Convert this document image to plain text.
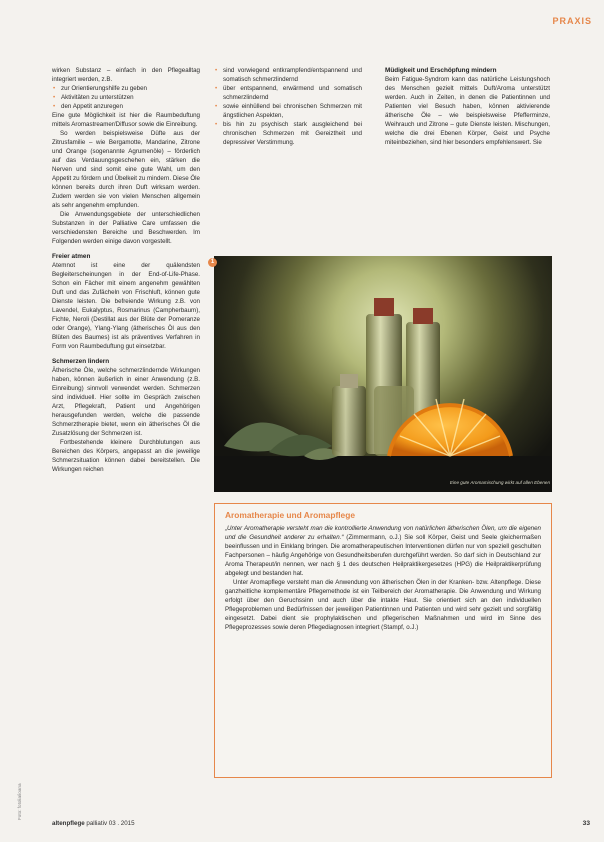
PRAXIS

wirken Substanz – einfach in den Pflegealltag integriert werden, z.B.

• zur Orientierungshilfe zu geben
• Aktivitäten zu unterstützen
• den Appetit anzuregen

Eine gute Möglichkeit ist hier die Raumbeduftung mittels Aromastreamer/Diffusor sowie die Einreibung.

So werden beispielsweise Düfte aus der Zitrusfamilie – wie Bergamotte, Mandarine, Zitrone und Orange (sogenannte Agrumenöle) – förderlich auf das Verdauungsgeschehen ein, stärken die Nerven und sind somit eine gute Wahl, um den Appetit zu fördern und Übelkeit zu mindern. Diese Öle können bereits durch ihren Duft wirksam werden. Zudem werden sie von vielen Menschen allgemein als sehr angenehm empfunden.

Die Anwendungsgebiete der unterschiedlichen Substanzen in der Palliative Care umfassen die verschiedensten Bereiche und Beschwerden. Im Folgenden werden einige davon vorgestellt.

Freier atmen

Atemnot ist eine der quälendsten Begleiterscheinungen in der End-of-Life-Phase. Schon ein Fächer mit einem angenehm gewählten Duft und das Zufächeln von Frischluft, können gute Dienste leisten. Die befreiende Wirkung z.B. von Lavendel, Eukalyptus, Rosmarinus (Campherbaum), Fichte, Neroli (Destillat aus der Blüte der Pomeranze oder Orange), Ylang-Ylang (ätherisches Öl aus den Blüten des Baumes) ist als präventives Verfahren in Form von Raumbeduftung gut einsetzbar.

Schmerzen lindern

Ätherische Öle, welche schmerzlindernde Wirkungen haben, können äußerlich in einer Anwendung (z.B. Einreibung) sinnvoll verwendet werden. Schmerzen sind individuell. Hier sollte im Gespräch zwischen Arzt, Pflegekraft, Patient und Angehörigen herausgefunden werden, welche die passende Schmerztherapie bietet, wenn ein ätherisches Öl die Zusatzlösung der Schmerzen ist.

Fortbestehende kleinere Durchblutungen aus Bereichen des Körpers, angepasst an die jeweilige Schmerzsituation können dabei bereitstellen. Die Wirkungen reichen

• sind vorwiegend entkrampfend/entspannend und somatisch schmerzlindernd
• über entspannend, erwärmend und somatisch schmerzlindernd
• sowie einhüllend bei chronischen Schmerzen mit ängstlichen Aspekten,
• bis hin zu psychisch stark ausgleichend bei chronischen Schmerzen mit Gereiztheit und depressiver Verstimmung.
Müdigkeit und Erschöpfung mindern

Beim Fatigue-Syndrom kann das natürliche Leistungshoch des Menschen gezielt mittels Duft/Aroma unterstützt werden. Auch in Zeiten, in denen die Patientinnen und Patienten viel Besuch haben, können aktivierende ätherische Öle – wie beispielsweise Pfefferminze, Weihrauch und Zitrone – gute Dienste leisten. Mischungen, welche die drei Ebenen Körper, Geist und Psyche miteinbeziehen, sind hier besonders empfehlenswert. Sie

1
Eine gute Aromamischung wirkt auf allen Ebenen
Aromatherapie und Aromapflege

„Unter Aromatherapie versteht man die kontrollierte Anwendung von natürlichen ätherischen Ölen, um die eigenen und die Gesundheit anderer zu erhalten.“ (Zimmermann, o.J.) Sie soll Körper, Geist und Seele gleichermaßen beeinflussen und in Einklang bringen. Die aromatherapeutischen Interventionen dürfen nur von speziell geschulten Fachpersonen – häufig Angehörige von Gesundheitsberufen durchgeführt werden. So darf sich in Deutschland zur Aroma Therapeut/in nennen, wer nach § 1 des deutschen Heilpraktikergesetzes (HPG) die Heilpraktikerprüfung abgelegt und bestanden hat.

Unter Aromapflege versteht man die Anwendung von ätherischen Ölen in der Kranken- bzw. Altenpflege. Diese ganzheitliche komplementäre Pflegemethode ist ein Teilbereich der Aromatherapie. Die Anwendung und Wirkung erfolgt über den Geruchssinn und auch über die intakte Haut. Sie orientiert sich an den individuellen Pflegeproblemen und Bedürfnissen der jeweiligen Patientinnen und Patienten und wird sehr gezielt und sorgfältig eingesetzt. Dabei dient sie prophylaktischen und pflegerischen Maßnahmen und wird im Sinne des Pflegeprozesses sowie deren Pflegediagnosen integriert (Stampf, o.J.)

Foto: fotolia/ioana
altenpflege palliativ 03 . 2015	33
